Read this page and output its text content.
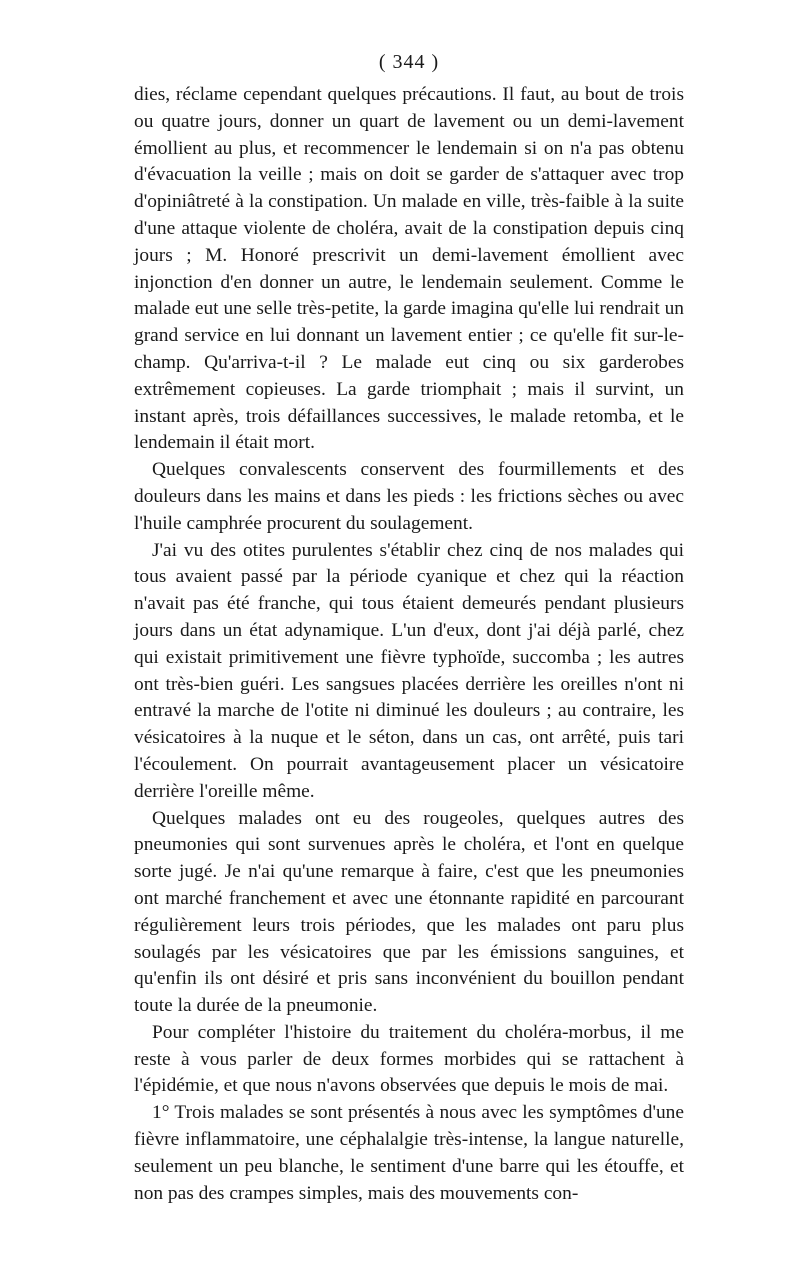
( 344 )

dies, réclame cependant quelques précautions. Il faut, au bout de trois ou quatre jours, donner un quart de lavement ou un demi-lavement émollient au plus, et recommencer le lendemain si on n'a pas obtenu d'évacuation la veille ; mais on doit se garder de s'attaquer avec trop d'opiniâtreté à la constipation. Un malade en ville, très-faible à la suite d'une attaque violente de choléra, avait de la constipation depuis cinq jours ; M. Honoré prescrivit un demi-lavement émollient avec injonction d'en donner un autre, le lendemain seulement. Comme le malade eut une selle très-petite, la garde imagina qu'elle lui rendrait un grand service en lui donnant un lavement entier ; ce qu'elle fit sur-le-champ. Qu'arriva-t-il ? Le malade eut cinq ou six garderobes extrêmement copieuses. La garde triomphait ; mais il survint, un instant après, trois défaillances successives, le malade retomba, et le lendemain il était mort.

Quelques convalescents conservent des fourmillements et des douleurs dans les mains et dans les pieds : les frictions sèches ou avec l'huile camphrée procurent du soulagement.

J'ai vu des otites purulentes s'établir chez cinq de nos malades qui tous avaient passé par la période cyanique et chez qui la réaction n'avait pas été franche, qui tous étaient demeurés pendant plusieurs jours dans un état adynamique. L'un d'eux, dont j'ai déjà parlé, chez qui existait primitivement une fièvre typhoïde, succomba ; les autres ont très-bien guéri. Les sangsues placées derrière les oreilles n'ont ni entravé la marche de l'otite ni diminué les douleurs ; au contraire, les vésicatoires à la nuque et le séton, dans un cas, ont arrêté, puis tari l'écoulement. On pourrait avantageusement placer un vésicatoire derrière l'oreille même.

Quelques malades ont eu des rougeoles, quelques autres des pneumonies qui sont survenues après le choléra, et l'ont en quelque sorte jugé. Je n'ai qu'une remarque à faire, c'est que les pneumonies ont marché franchement et avec une étonnante rapidité en parcourant régulièrement leurs trois périodes, que les malades ont paru plus soulagés par les vésicatoires que par les émissions sanguines, et qu'enfin ils ont désiré et pris sans inconvénient du bouillon pendant toute la durée de la pneumonie.

Pour compléter l'histoire du traitement du choléra-morbus, il me reste à vous parler de deux formes morbides qui se rattachent à l'épidémie, et que nous n'avons observées que depuis le mois de mai.

1° Trois malades se sont présentés à nous avec les symptômes d'une fièvre inflammatoire, une céphalalgie très-intense, la langue naturelle, seulement un peu blanche, le sentiment d'une barre qui les étouffe, et non pas des crampes simples, mais des mouvements con-
